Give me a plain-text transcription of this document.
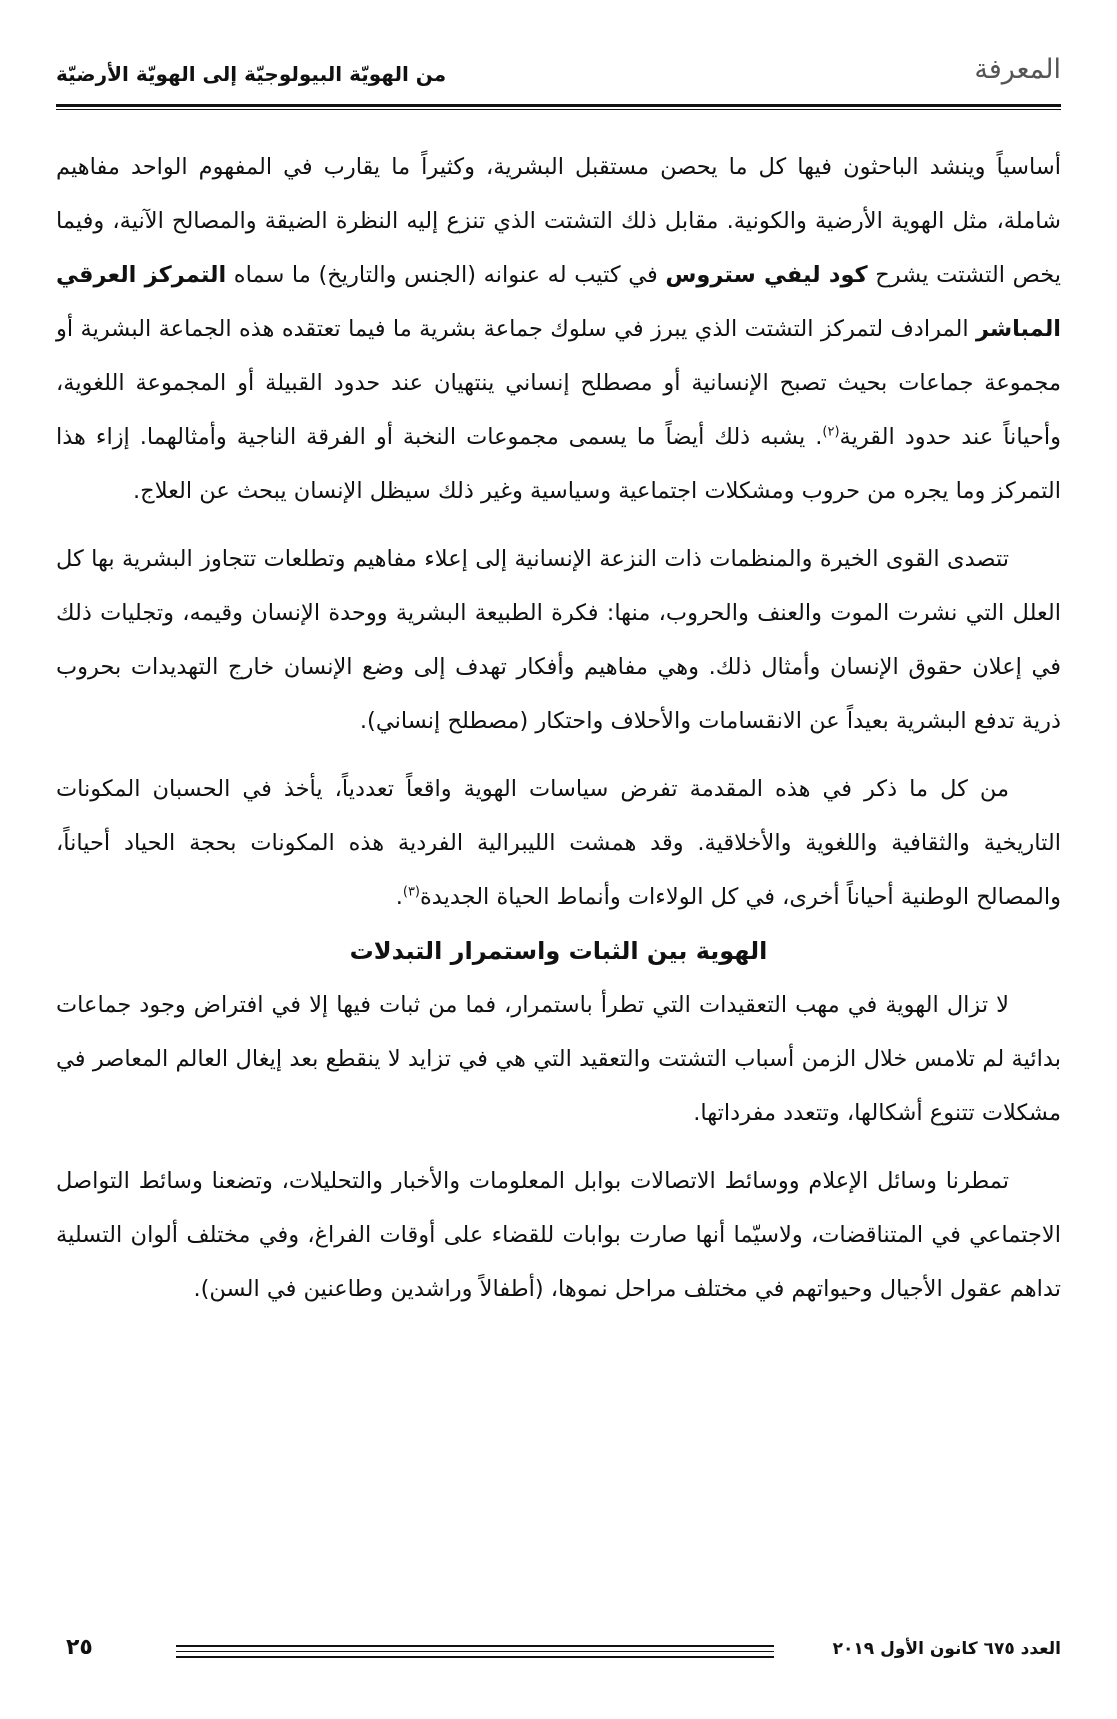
المعرفة
من الهويّة البيولوجيّة إلى الهويّة الأرضيّة

أساسياً وينشد الباحثون فيها كل ما يحصن مستقبل البشرية، وكثيراً ما يقارب في المفهوم الواحد مفاهيم شاملة، مثل الهوية الأرضية والكونية. مقابل ذلك التشتت الذي تنزع إليه النظرة الضيقة والمصالح الآنية، وفيما يخص التشتت يشرح كود ليفي ستروس في كتيب له عنوانه (الجنس والتاريخ) ما سماه التمركز العرقي المباشر المرادف لتمركز التشتت الذي يبرز في سلوك جماعة بشرية ما فيما تعتقده هذه الجماعة البشرية أو مجموعة جماعات بحيث تصبح الإنسانية أو مصطلح إنساني ينتهيان عند حدود القبيلة أو المجموعة اللغوية، وأحياناً عند حدود القرية$^{(٢)}$. يشبه ذلك أيضاً ما يسمى مجموعات النخبة أو الفرقة الناجية وأمثالهما. إزاء هذا التمركز وما يجره من حروب ومشكلات اجتماعية وسياسية وغير ذلك سيظل الإنسان يبحث عن العلاج.

تتصدى القوى الخيرة والمنظمات ذات النزعة الإنسانية إلى إعلاء مفاهيم وتطلعات تتجاوز البشرية بها كل العلل التي نشرت الموت والعنف والحروب، منها: فكرة الطبيعة البشرية ووحدة الإنسان وقيمه، وتجليات ذلك في إعلان حقوق الإنسان وأمثال ذلك. وهي مفاهيم وأفكار تهدف إلى وضع الإنسان خارج التهديدات بحروب ذرية تدفع البشرية بعيداً عن الانقسامات والأحلاف واحتكار (مصطلح إنساني).

من كل ما ذكر في هذه المقدمة تفرض سياسات الهوية واقعاً تعددياً، يأخذ في الحسبان المكونات التاريخية والثقافية واللغوية والأخلاقية. وقد همشت الليبرالية الفردية هذه المكونات بحجة الحياد أحياناً، والمصالح الوطنية أحياناً أخرى، في كل الولاءات وأنماط الحياة الجديدة$^{(٣)}$.

الهوية بين الثبات واستمرار التبدلات

لا تزال الهوية في مهب التعقيدات التي تطرأ باستمرار، فما من ثبات فيها إلا في افتراض وجود جماعات بدائية لم تلامس خلال الزمن أسباب التشتت والتعقيد التي هي في تزايد لا ينقطع بعد إيغال العالم المعاصر في مشكلات تتنوع أشكالها، وتتعدد مفرداتها.

تمطرنا وسائل الإعلام ووسائط الاتصالات بوابل المعلومات والأخبار والتحليلات، وتضعنا وسائط التواصل الاجتماعي في المتناقضات، ولاسيّما أنها صارت بوابات للقضاء على أوقات الفراغ، وفي مختلف ألوان التسلية تداهم عقول الأجيال وحيواتهم في مختلف مراحل نموها، (أطفالاً وراشدين وطاعنين في السن).

العدد ٦٧٥ كانون الأول ٢٠١٩
٢٥
